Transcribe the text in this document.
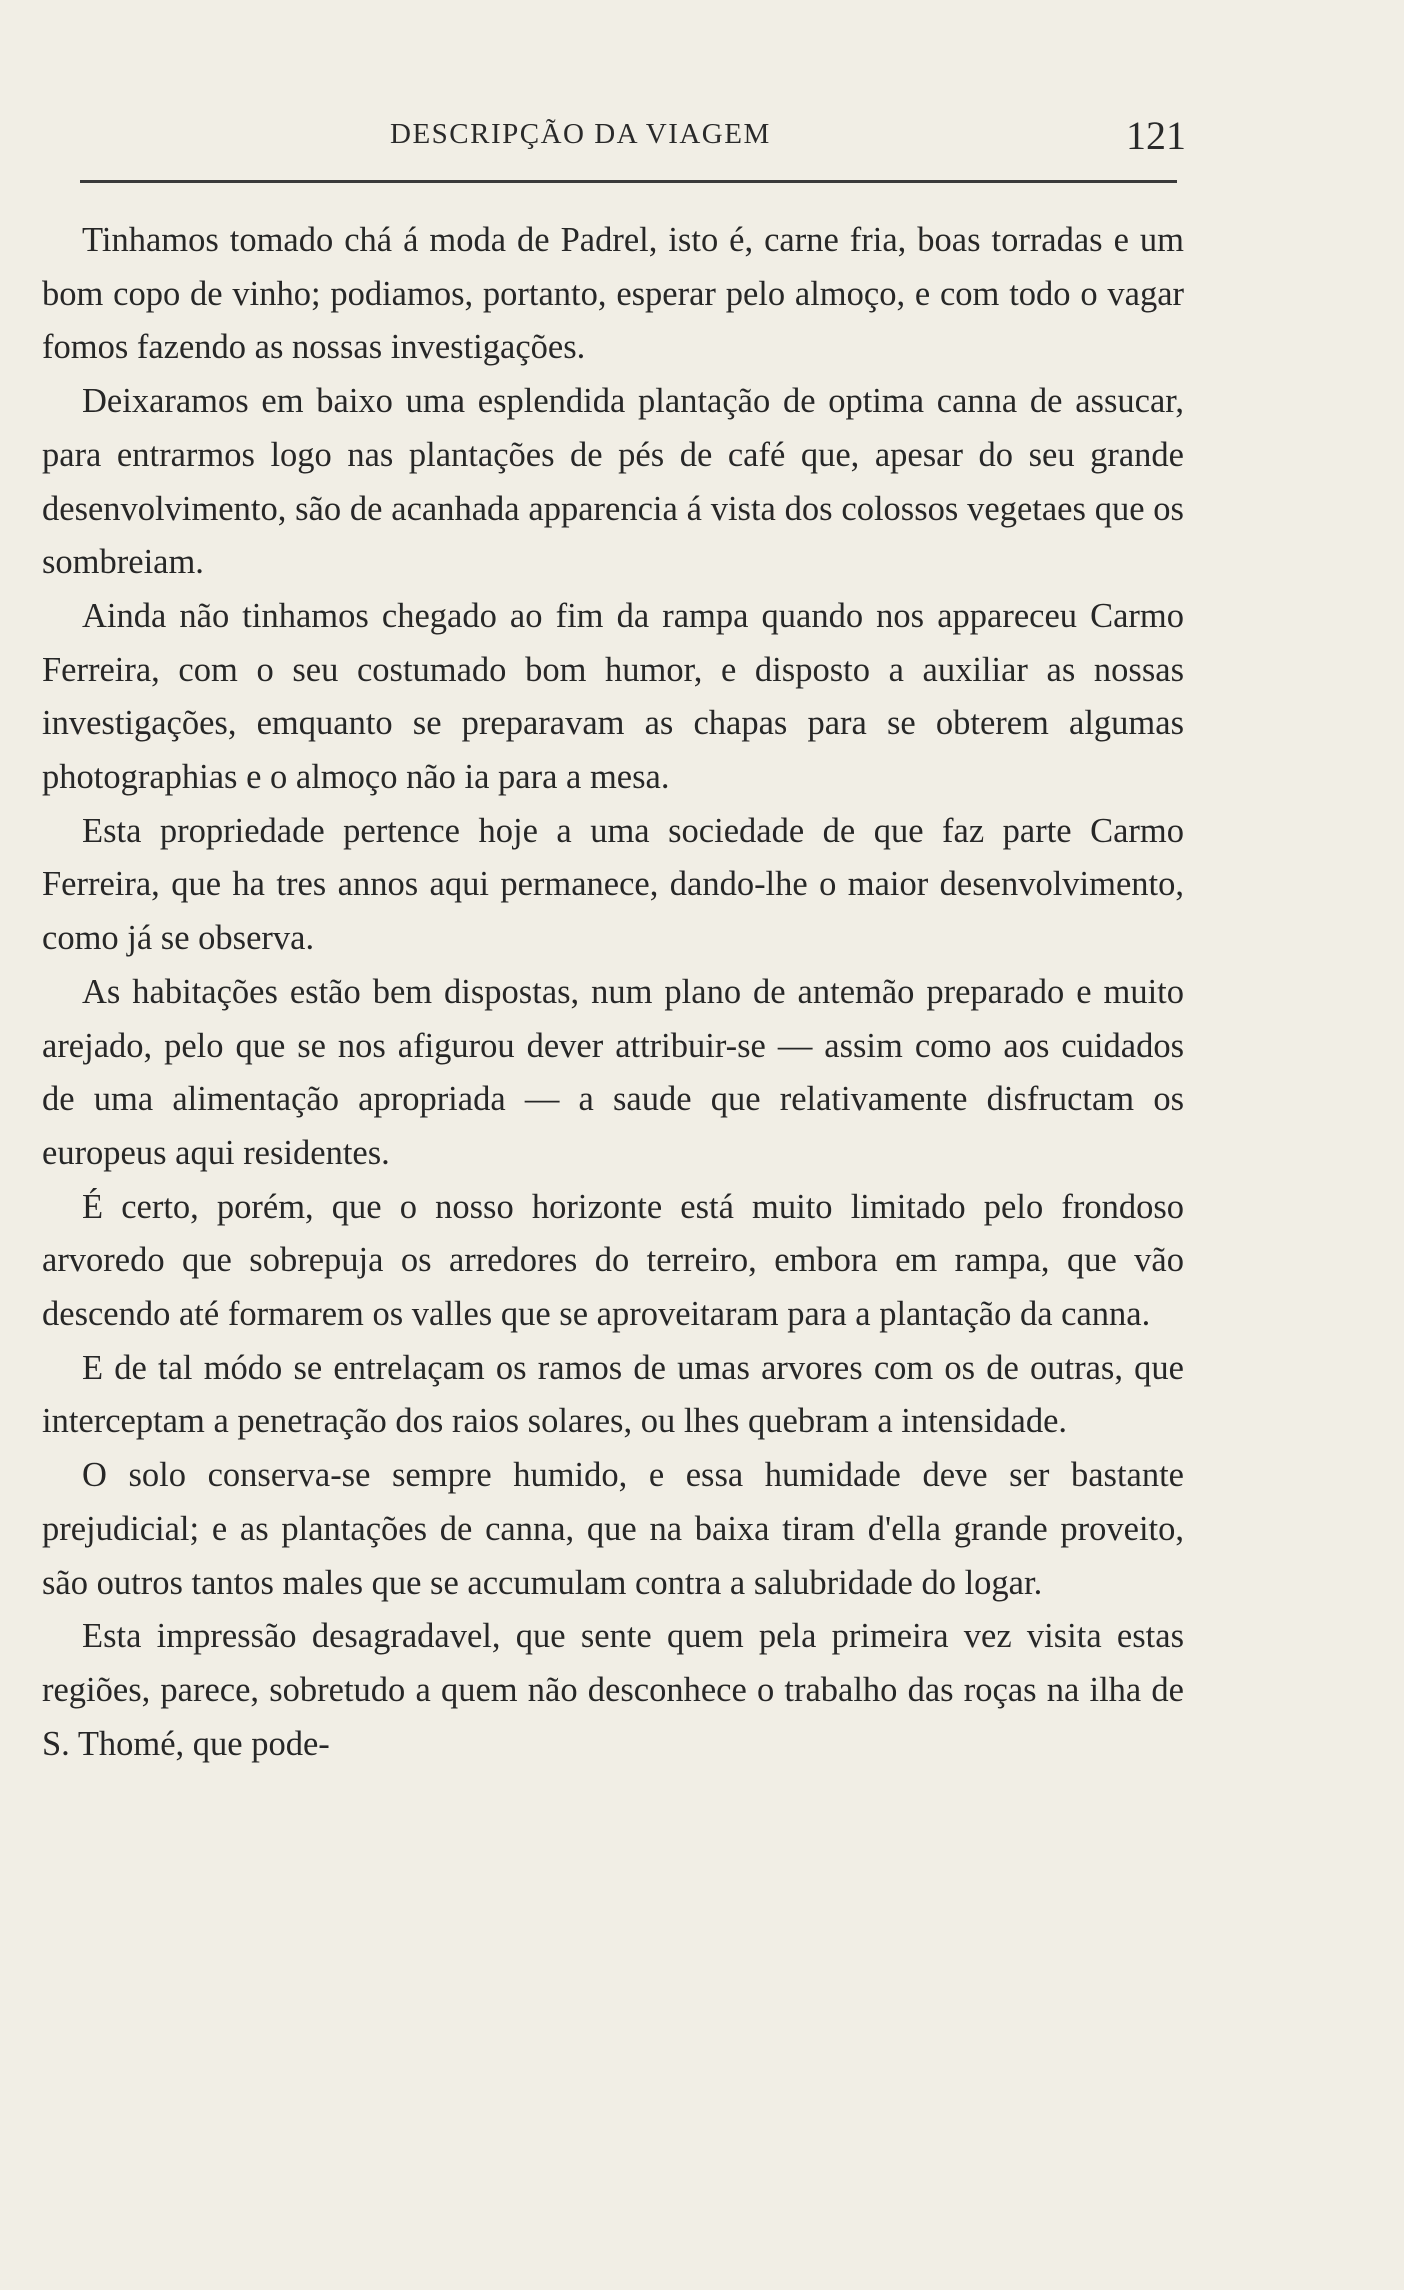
DESCRIPÇÃO DA VIAGEM	121

Tinhamos tomado chá á moda de Padrel, isto é, carne fria, boas torradas e um bom copo de vinho; podiamos, portanto, esperar pelo almoço, e com todo o vagar fomos fazendo as nossas investigações.

Deixaramos em baixo uma esplendida plantação de optima canna de assucar, para entrarmos logo nas plantações de pés de café que, apesar do seu grande desenvolvimento, são de acanhada apparencia á vista dos colossos vegetaes que os sombreiam.

Ainda não tinhamos chegado ao fim da rampa quando nos appareceu Carmo Ferreira, com o seu costumado bom humor, e disposto a auxiliar as nossas investigações, emquanto se preparavam as chapas para se obterem algumas photographias e o almoço não ia para a mesa.

Esta propriedade pertence hoje a uma sociedade de que faz parte Carmo Ferreira, que ha tres annos aqui permanece, dando-lhe o maior desenvolvimento, como já se observa.

As habitações estão bem dispostas, num plano de antemão preparado e muito arejado, pelo que se nos afigurou dever attribuir-se — assim como aos cuidados de uma alimentação apropriada — a saude que relativamente disfructam os europeus aqui residentes.

É certo, porém, que o nosso horizonte está muito limitado pelo frondoso arvoredo que sobrepuja os arredores do terreiro, embora em rampa, que vão descendo até formarem os valles que se aproveitaram para a plantação da canna.

E de tal módo se entrelaçam os ramos de umas arvores com os de outras, que interceptam a penetração dos raios solares, ou lhes quebram a intensidade.

O solo conserva-se sempre humido, e essa humidade deve ser bastante prejudicial; e as plantações de canna, que na baixa tiram d'ella grande proveito, são outros tantos males que se accumulam contra a salubridade do logar.

Esta impressão desagradavel, que sente quem pela primeira vez visita estas regiões, parece, sobretudo a quem não desconhece o trabalho das roças na ilha de S. Thomé, que pode-
